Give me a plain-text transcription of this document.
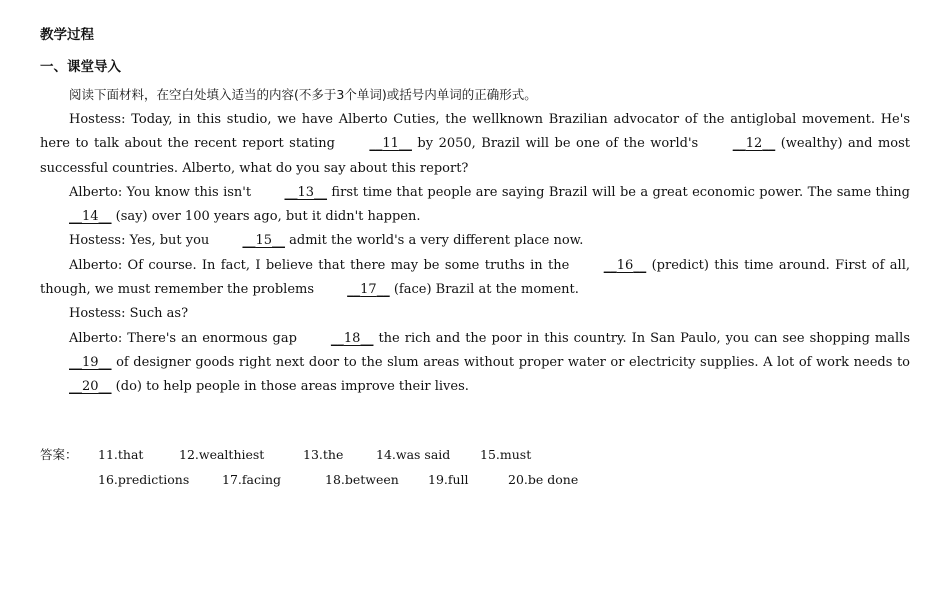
教学过程
一、课堂导入

阅读下面材料，在空白处填入适当的内容(不多于3个单词)或括号内单词的正确形式。

Hostess: Today, in this studio, we have Alberto Cuties, the wellknown Brazilian advocator of the antiglobal movement. He's here to talk about the recent report stating __11__ by 2050, Brazil will be one of the world's __12__ (wealthy) and most successful countries. Alberto, what do you say about this report?

Alberto: You know this isn't __13__ first time that people are saying Brazil will be a great economic power. The same thing __14__ (say) over 100 years ago, but it didn't happen.

Hostess: Yes, but you __15__ admit the world's a very different place now.

Alberto: Of course. In fact, I believe that there may be some truths in the __16__ (predict) this time around. First of all, though, we must remember the problems __17__ (face) Brazil at the moment.

Hostess: Such as?

Alberto: There's an enormous gap __18__ the rich and the poor in this country. In San Paulo, you can see shopping malls __19__ of designer goods right next door to the slum areas without proper water or electricity supplies. A lot of work needs to __20__ (do) to help people in those areas improve their lives.

答案：	11.that	12.wealthiest	13.the	14.was said	15.must
16.predictions	17.facing	18.between	19.full	20.be done
